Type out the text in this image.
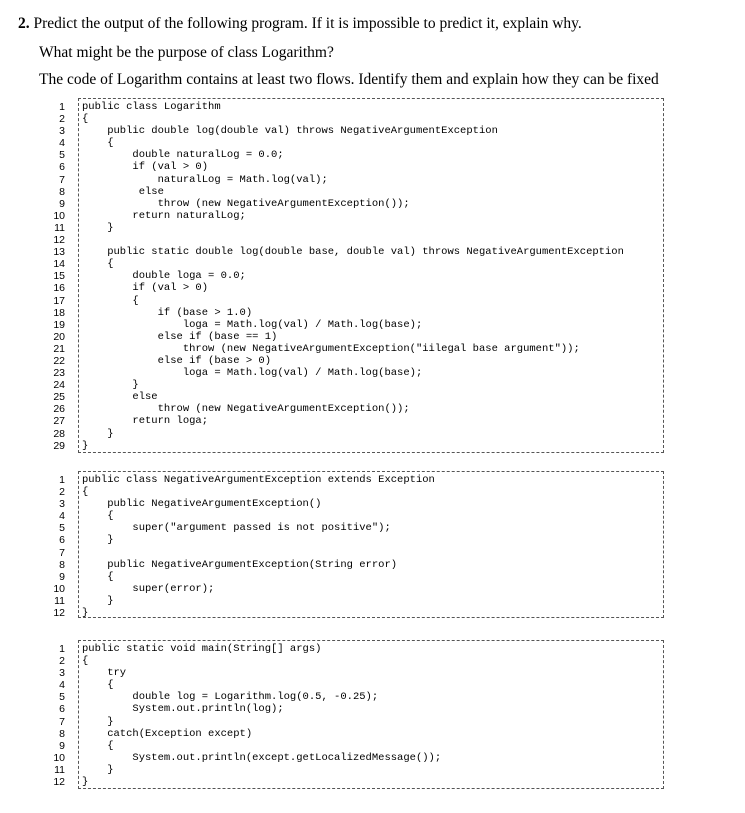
2. Predict the output of the following program. If it is impossible to predict it, explain why.
What might be the purpose of class Logarithm?
The code of Logarithm contains at least two flows. Identify them and explain how they can be fixed
1
2
3
4
5
6
7
8
9
10
11
12
13
14
15
16
17
18
19
20
21
22
23
24
25
26
27
28
29
public class Logarithm
{
public double log(double val) throws NegativeArgumentException
{
double naturalLog = 0.0;
if (val > 0)
naturalLog = Math.log(val);
else
throw (new NegativeArgumentException());
return naturalLog;
}
public static double log(double base, double val) throws NegativeArgumentException
{
double loga = 0.0;
if (val > 0)
{
if (base > 1.0)
loga = Math.log(val) / Math.log(base);
else if (base == 1)
throw (new NegativeArgumentException("iilegal base argument"));
else if (base > 0)
loga = Math.log(val) / Math.log(base);
}
else
throw (new NegativeArgumentException());
return loga;
}
}
1
2
3
4
5
6
7
8
9
10
11
12
public class NegativeArgumentException extends Exception
{
public NegativeArgumentException()
{
super("argument passed is not positive");
}
public NegativeArgumentException(String error)
{
super(error);
}
}
1
2
3
4
5
6
7
8
9
10
11
12
public static void main(String[] args)
{
try
{
double log = Logarithm.log(0.5, -0.25);
System.out.println(log);
}
catch(Exception except)
{
System.out.println(except.getLocalizedMessage());
}
}
